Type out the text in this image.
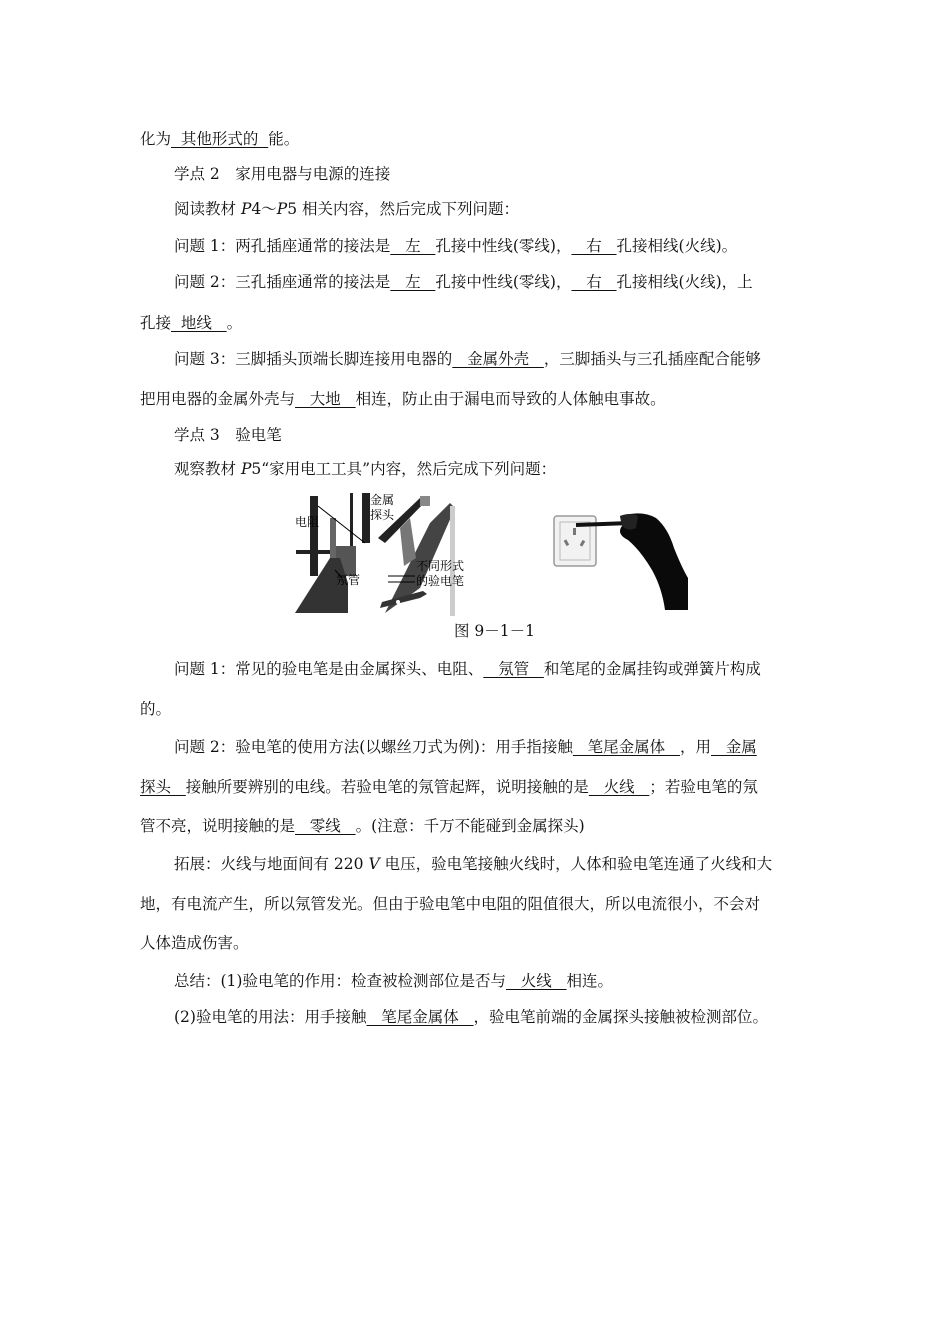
化为  其他形式的  能。
学点 2　家用电器与电源的连接
阅读教材 P4～P5 相关内容，然后完成下列问题：
问题 1：两孔插座通常的接法是   左   孔接中性线(零线)，   右   孔接相线(火线)。
问题 2：三孔插座通常的接法是   左   孔接中性线(零线)，   右   孔接相线(火线)，上
孔接  地线   。
问题 3：三脚插头顶端长脚连接用电器的   金属外壳   ，三脚插头与三孔插座配合能够
把用电器的金属外壳与   大地   相连，防止由于漏电而导致的人体触电事故。
学点 3　验电笔
观察教材 P5“家用电工工具”内容，然后完成下列问题：
电阻
金属
探头
氖管
不同形式
的验电笔
图 9－1－1
问题 1：常见的验电笔是由金属探头、电阻、   氖管   和笔尾的金属挂钩或弹簧片构成
的。
问题 2：验电笔的使用方法(以螺丝刀式为例)：用手指接触   笔尾金属体   ，用   金属
探头   接触所要辨别的电线。若验电笔的氖管起辉，说明接触的是   火线   ；若验电笔的氖
管不亮，说明接触的是   零线   。(注意：千万不能碰到金属探头)
拓展：火线与地面间有 220 V 电压，验电笔接触火线时，人体和验电笔连通了火线和大
地，有电流产生，所以氖管发光。但由于验电笔中电阻的阻值很大，所以电流很小，不会对
人体造成伤害。
总结：(1)验电笔的作用：检查被检测部位是否与   火线   相连。
(2)验电笔的用法：用手接触   笔尾金属体   ，验电笔前端的金属探头接触被检测部位。
